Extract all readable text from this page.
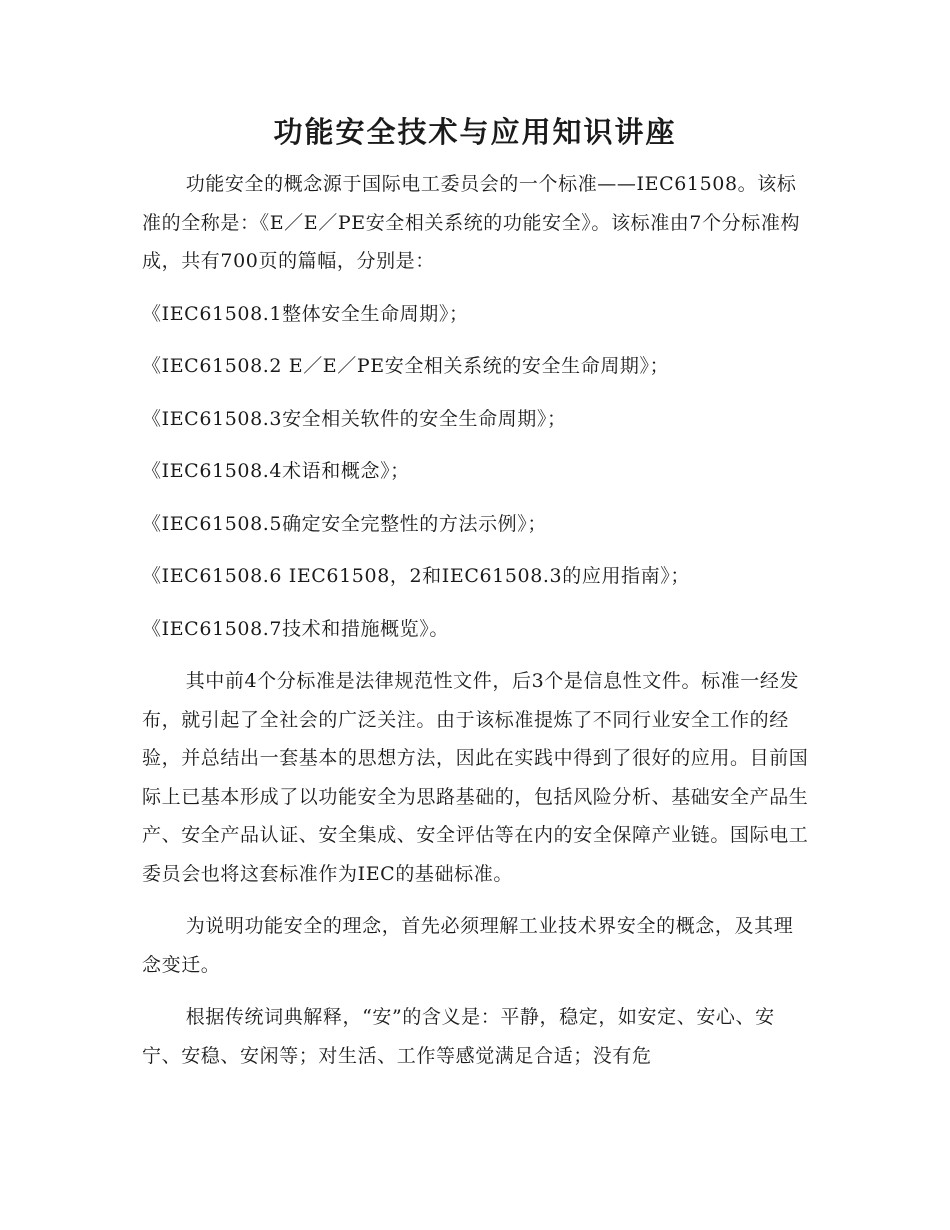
功能安全技术与应用知识讲座

功能安全的概念源于国际电工委员会的一个标准——IEC61508。该标准的全称是：《E／E／PE安全相关系统的功能安全》。该标准由7个分标准构成，共有700页的篇幅，分别是：

《IEC61508.1整体安全生命周期》；

《IEC61508.2 E／E／PE安全相关系统的安全生命周期》；

《IEC61508.3安全相关软件的安全生命周期》；

《IEC61508.4术语和概念》；

《IEC61508.5确定安全完整性的方法示例》；

《IEC61508.6 IEC61508，2和IEC61508.3的应用指南》；

《IEC61508.7技术和措施概览》。

其中前4个分标准是法律规范性文件，后3个是信息性文件。标准一经发布，就引起了全社会的广泛关注。由于该标准提炼了不同行业安全工作的经验，并总结出一套基本的思想方法，因此在实践中得到了很好的应用。目前国际上已基本形成了以功能安全为思路基础的，包括风险分析、基础安全产品生产、安全产品认证、安全集成、安全评估等在内的安全保障产业链。国际电工委员会也将这套标准作为IEC的基础标准。

为说明功能安全的理念，首先必须理解工业技术界安全的概念，及其理念变迁。

根据传统词典解释，“安”的含义是：平静，稳定，如安定、安心、安宁、安稳、安闲等；对生活、工作等感觉满足合适；没有危
